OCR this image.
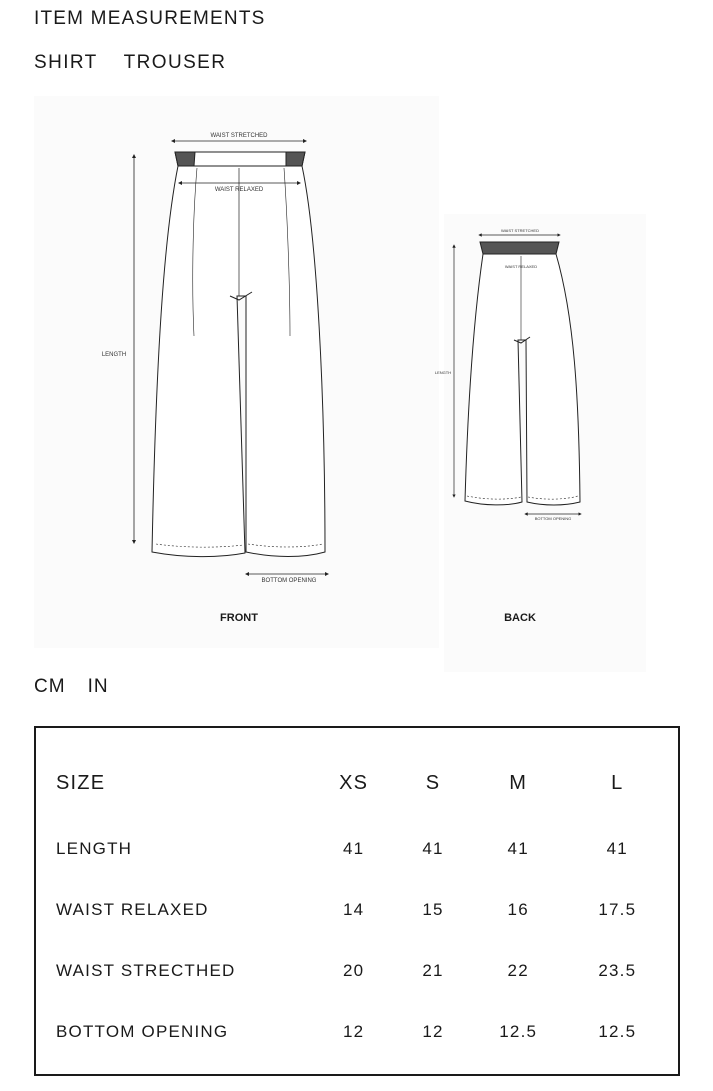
ITEM MEASUREMENTS
SHIRT TROUSER
WAIST STRETCHED
WAIST RELAXED
LENGTH
BOTTOM OPENING
FRONT
WAIST STRETCHED
WAIST RELAXED
LENGTH
BOTTOM OPENING
BACK
CM IN
SIZE	XS	S	M	L
LENGTH	41	41	41	41
WAIST RELAXED	14	15	16	17.5
WAIST STRECTHED	20	21	22	23.5
BOTTOM OPENING	12	12	12.5	12.5
